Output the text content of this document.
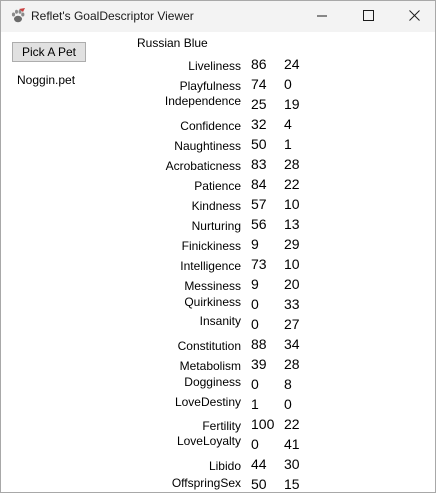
Reflet's GoalDescriptor Viewer
Pick A Pet
Noggin.pet
Russian Blue
Liveliness 86 24
Playfulness 74 0
Independence 25 19
Confidence 32 4
Naughtiness 50 1
Acrobaticness 83 28
Patience 84 22
Kindness 57 10
Nurturing 56 13
Finickiness 9 29
Intelligence 73 10
Messiness 9 20
Quirkiness 0 33
Insanity 0 27
Constitution 88 34
Metabolism 39 28
Dogginess 0 8
LoveDestiny 1 0
Fertility 100 22
LoveLoyalty 0 41
Libido 44 30
OffspringSex 50 15
